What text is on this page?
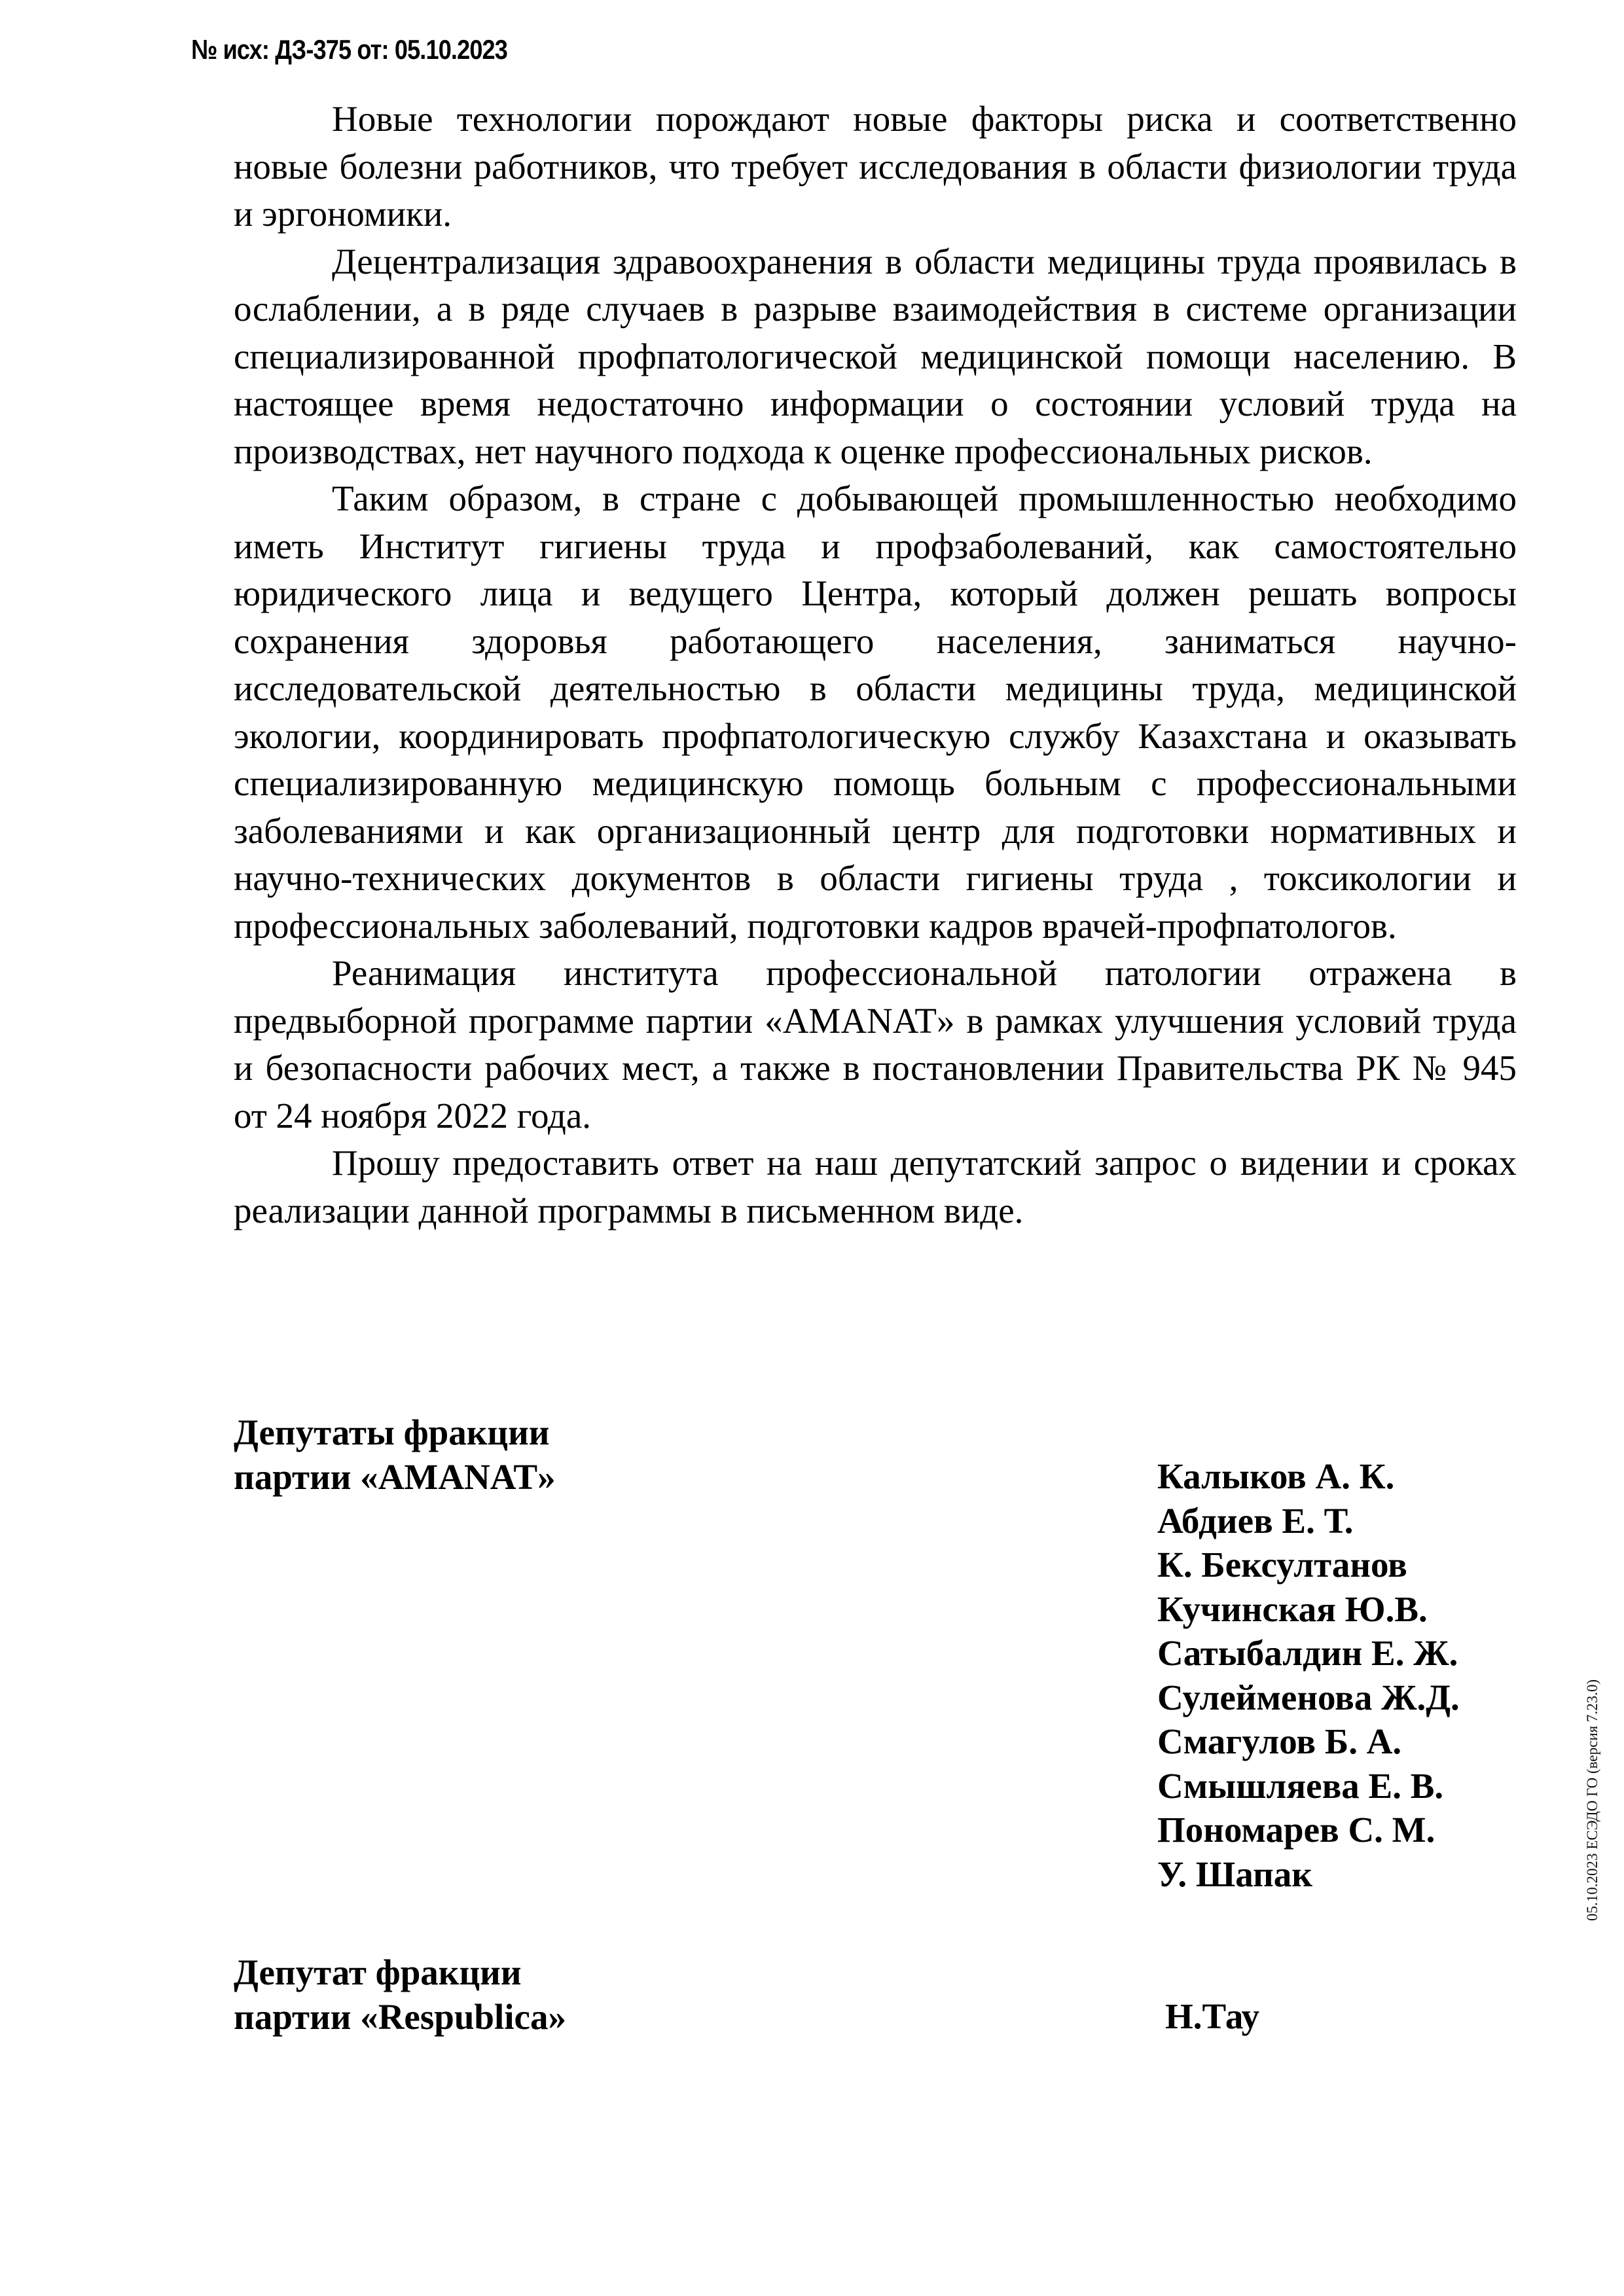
№ исх: ДЗ-375 от: 05.10.2023

Новые технологии порождают новые факторы риска и соответственно новые болезни работников, что требует исследования в области физиологии труда и эргономики.

Децентрализация здравоохранения в области медицины труда проявилась в ослаблении, а в ряде случаев в разрыве взаимодействия в системе организации специализированной профпатологической медицинской помощи населению. В настоящее время недостаточно информации о состоянии условий труда на производствах, нет научного подхода к оценке профессиональных рисков.

Таким образом, в стране с добывающей промышленностью необходимо иметь Институт гигиены труда и профзаболеваний, как самостоятельно юридического лица и ведущего Центра, который должен решать вопросы сохранения здоровья работающего населения, заниматься научно-исследовательской деятельностью в области медицины труда, медицинской экологии, координировать профпатологическую службу Казахстана и оказывать специализированную медицинскую помощь больным с профессиональными заболеваниями и как организационный центр для подготовки нормативных и научно-технических документов в области гигиены труда , токсикологии и профессиональных заболеваний, подготовки кадров врачей-профпатологов.

Реанимация института профессиональной патологии отражена в предвыборной программе партии «AMANAT» в рамках улучшения условий труда и безопасности рабочих мест, а также в постановлении Правительства РК № 945 от 24 ноября 2022 года.

Прошу предоставить ответ на наш депутатский запрос о видении и сроках реализации данной программы в письменном виде.

Депутаты фракции
партии «AMANAT»	Калыков А. К.
Абдиев Е. Т.
К. Бексултанов
Кучинская Ю.В.
Сатыбалдин Е. Ж.
Сулейменова Ж.Д.
Смагулов Б. А.
Смышляева Е. В.
Пономарев С. М.
У. Шапак
Депутат фракции
партии «Respublica»	Н.Тау
05.10.2023 ЕСЭДО ГО (версия 7.23.0)
